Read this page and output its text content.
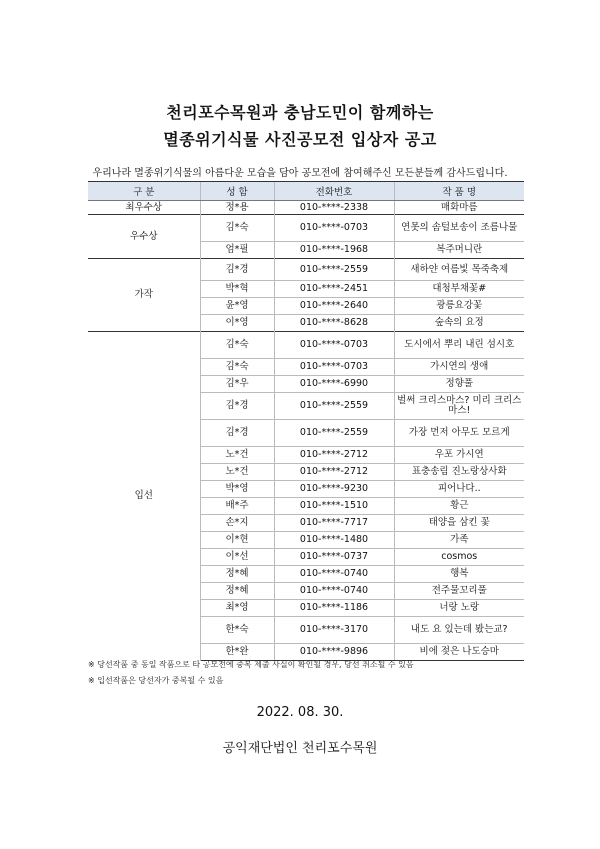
천리포수목원과 충남도민이 함께하는
멸종위기식물 사진공모전 입상자 공고
우리나라 멸종위기식물의 아름다운 모습을 담아 공모전에 참여해주신 모든분들께 감사드립니다.
구 분	성 함	전화번호	작 품 명
최우수상	정*용	010-****-2338	매화마름
우수상	김*숙	010-****-0703	연못의 솜털보송이 조름나물
	엄*필	010-****-1968	복주머니란
가작	김*경	010-****-2559	새하얀 여름빛 목죽축제
	박*혁	010-****-2451	대청부채꽃#
	윤*영	010-****-2640	광릉요강꽃
	이*영	010-****-8628	숲속의 요정
입선	김*숙	010-****-0703	도시에서 뿌리 내린 섬시호
	김*숙	010-****-0703	가시연의 생애
	김*우	010-****-6990	정향풀
	김*경	010-****-2559	벌써 크리스마스? 미리 크리스마스!
	김*경	010-****-2559	가장 먼저 아무도 모르게
	노*건	010-****-2712	우포 가시연
	노*건	010-****-2712	표충송림 진노랑상사화
	박*영	010-****-9230	피어나다..
	배*주	010-****-1510	황근
	손*지	010-****-7717	태양을 삼킨 꽃
	이*현	010-****-1480	가족
	이*선	010-****-0737	cosmos
	정*혜	010-****-0740	행복
	정*혜	010-****-0740	전주물꼬리풀
	최*영	010-****-1186	너랑 노랑
	한*숙	010-****-3170	내도 요 있는데 봤는교?
	한*완	010-****-9896	비에 젖은 나도승마
※ 당선작품 중 동일 작품으로 타 공모전에 중복 제출 사실이 확인될 경우, 당선 취소될 수 있음
※ 입선작품은 당선자가 중복될 수 있음
2022. 08. 30.
공익재단법인 천리포수목원
